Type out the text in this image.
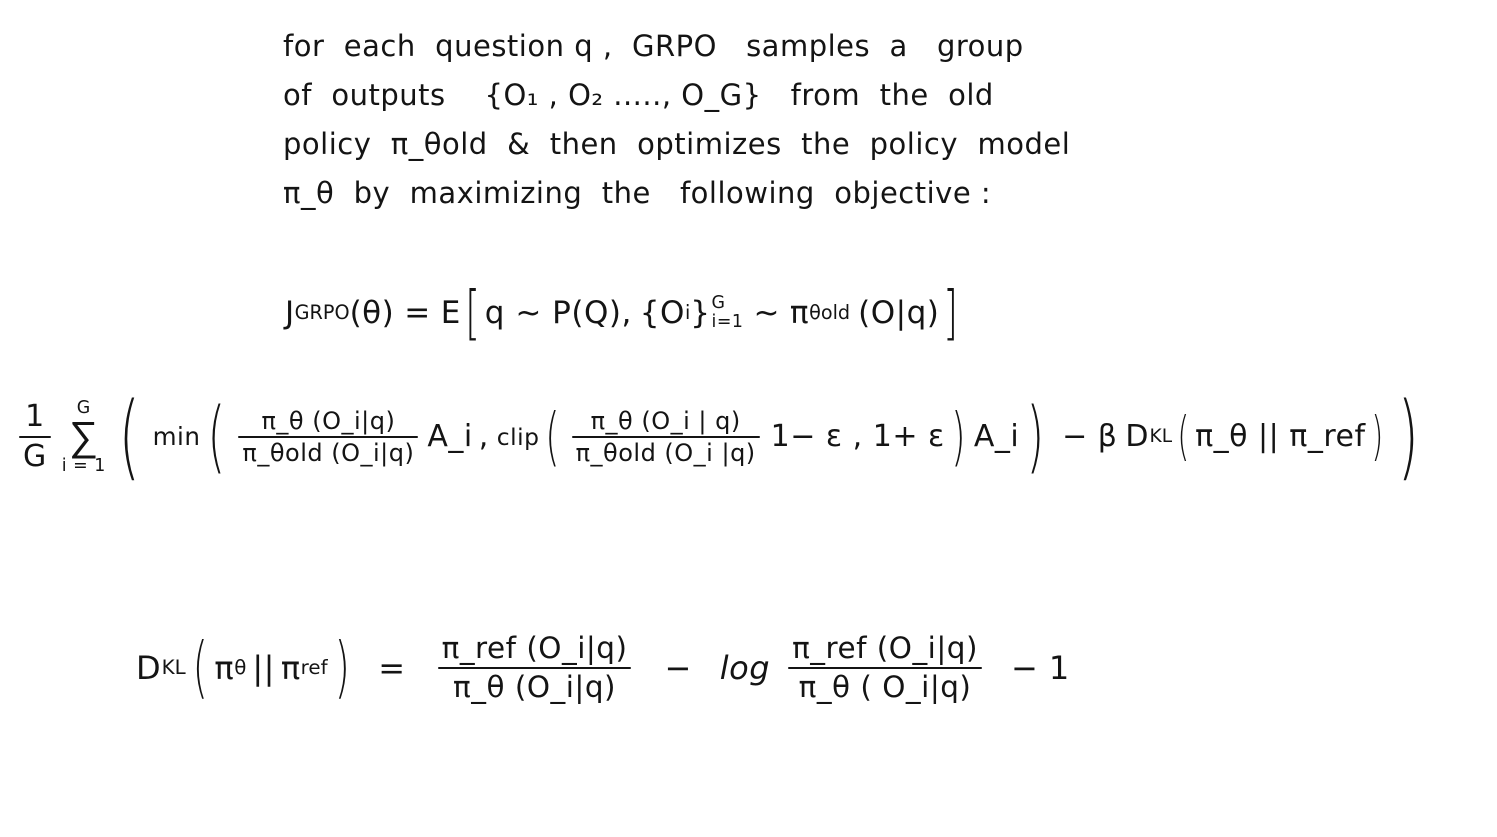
for  each  question q ,  GRPO   samples  a   group
of  outputs    {O₁ , O₂ ....., O_G}   from  the  old
policy  π_θold  &  then  optimizes  the  policy  model
π_θ  by  maximizing  the   following  objective :
J GRPO (θ) = E [ q ~ P(Q), { O i } G
i=1 ~ π θold (O|q) ]
$\frac{1}{G}$ G
∑
i = 1 ( min ( $\frac{\pi\_\theta (O\_i|q)}{\text{π\_θold (O\_i|q)}}$ A_i , clip ( $\frac{\pi\_\theta (O\_i | q)}{\text{π\_θold (O\_i |q)}} 1- \varepsilon$ , 1+ ε ) A_i ) − β D KL ( π_θ || π_ref ) )
D KL ( π θ || π ref ) = $\frac{\text{π\_ref (O\_i|q)}}{\pi\_\theta (O\_i|q)} - \log \frac{\text{π\_ref (O\_i|q)}}{\pi\_\theta ( O\_i|q)} - 1$
